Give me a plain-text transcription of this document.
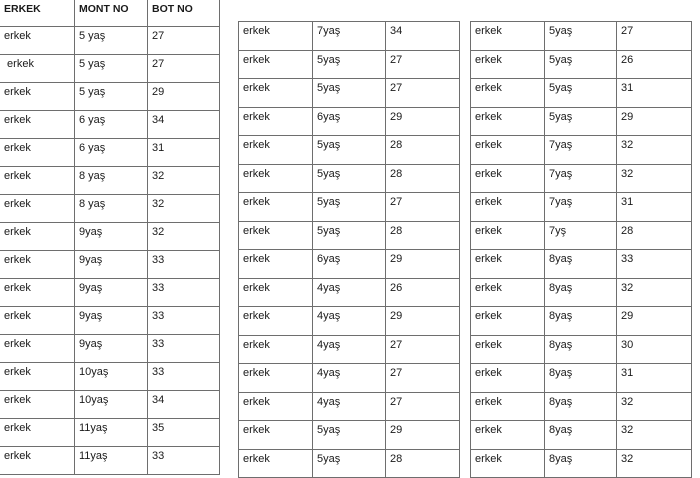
ERKEK	MONT NO	BOT NO
erkek	5 yaş	27
erkek	5 yaş	27
erkek	5 yaş	29
erkek	6 yaş	34
erkek	6 yaş	31
erkek	8 yaş	32
erkek	8 yaş	32
erkek	9yaş	32
erkek	9yaş	33
erkek	9yaş	33
erkek	9yaş	33
erkek	9yaş	33
erkek	10yaş	33
erkek	10yaş	34
erkek	11yaş	35
erkek	11yaş	33
erkek	7yaş	34
erkek	5yaş	27
erkek	5yaş	27
erkek	6yaş	29
erkek	5yaş	28
erkek	5yaş	28
erkek	5yaş	27
erkek	5yaş	28
erkek	6yaş	29
erkek	4yaş	26
erkek	4yaş	29
erkek	4yaş	27
erkek	4yaş	27
erkek	4yaş	27
erkek	5yaş	29
erkek	5yaş	28
erkek	5yaş	27
erkek	5yaş	26
erkek	5yaş	31
erkek	5yaş	29
erkek	7yaş	32
erkek	7yaş	32
erkek	7yaş	31
erkek	7yş	28
erkek	8yaş	33
erkek	8yaş	32
erkek	8yaş	29
erkek	8yaş	30
erkek	8yaş	31
erkek	8yaş	32
erkek	8yaş	32
erkek	8yaş	32
